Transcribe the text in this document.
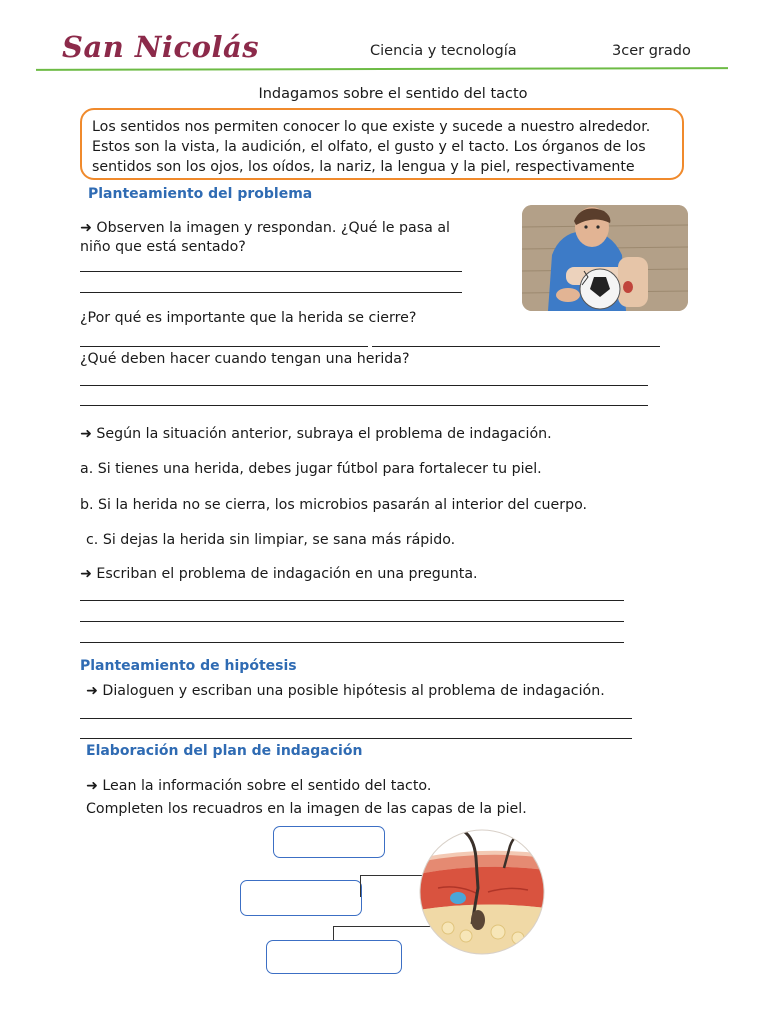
San Nicolás	Ciencia y tecnología	3cer grado
Indagamos sobre el sentido del tacto

Los sentidos nos permiten conocer lo que existe y sucede a nuestro alrededor.

Estos son la vista, la audición, el olfato, el gusto y el tacto. Los órganos de los

sentidos son los ojos, los oídos, la nariz, la lengua y la piel, respectivamente

Planteamiento del problema
➜ Observen la imagen y respondan. ¿Qué le pasa al
niño que está sentado?
¿Por qué es importante que la herida se cierre?
¿Qué deben hacer cuando tengan una herida?
➜ Según la situación anterior, subraya el problema de indagación.
a. Si tienes una herida, debes jugar fútbol para fortalecer tu piel.
b. Si la herida no se cierra, los microbios pasarán al interior del cuerpo.
c. Si dejas la herida sin limpiar, se sana más rápido.
➜ Escriban el problema de indagación en una pregunta.
Planteamiento de hipótesis
➜ Dialoguen y escriban una posible hipótesis al problema de indagación.
Elaboración del plan de indagación
➜ Lean la información sobre el sentido del tacto.
Completen los recuadros en la imagen de las capas de la piel.
